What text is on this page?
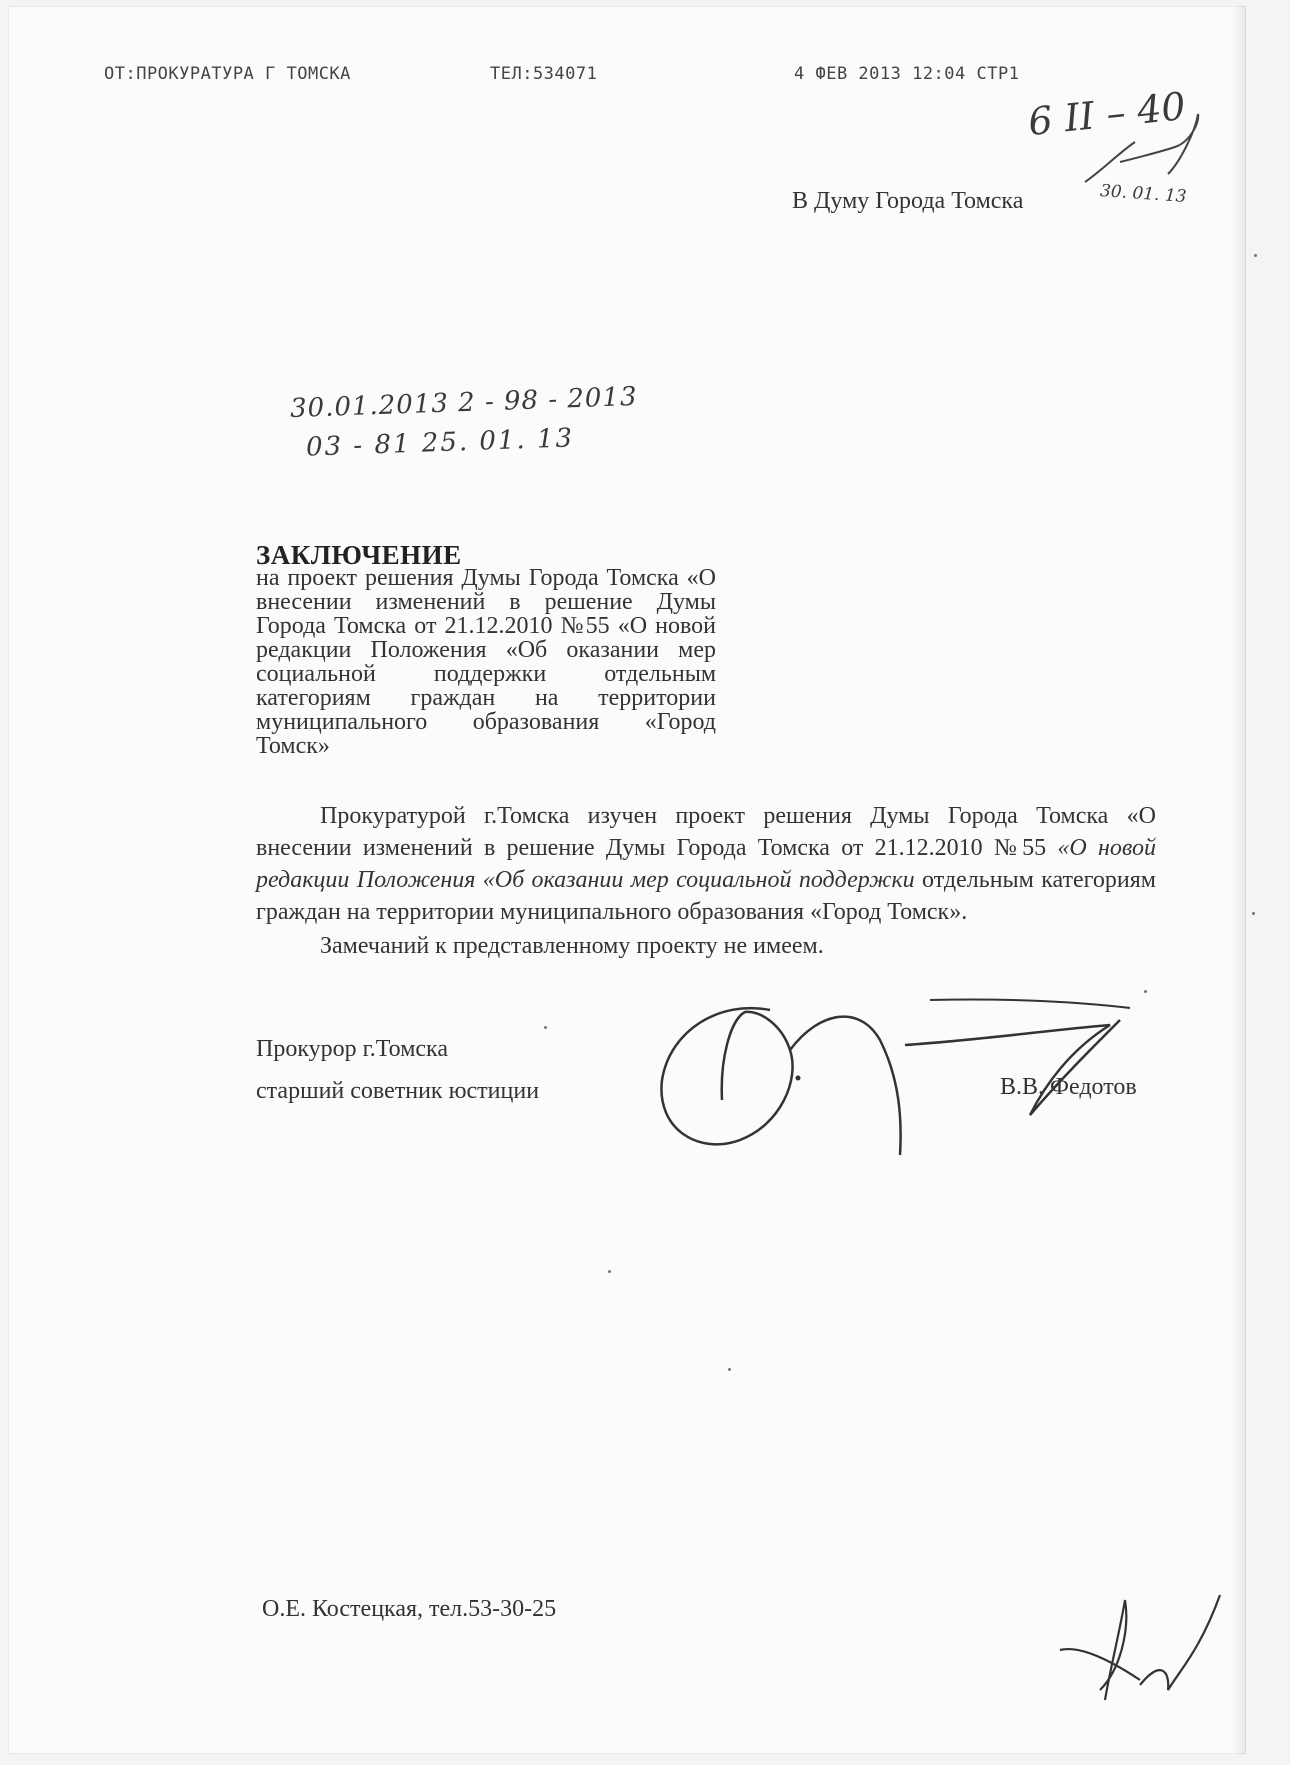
ОТ:ПРОКУРАТУРА Г ТОМСКА	ТЕЛ:534071	4 ФЕВ 2013 12:04 СТР1
6 II – 40
30. 01. 13
В Думу Города Томска
30.01.2013 2 - 98 - 2013
03 - 81 25. 01. 13
ЗАКЛЮЧЕНИЕ
на проект решения Думы Города Томска «О внесении изменений в решение Думы Города Томска от 21.12.2010 №55 «О новой редакции Положения «Об оказании мер социальной поддержки отдельным категориям граждан на территории муниципального образования «Город Томск»

Прокуратурой г.Томска изучен проект решения Думы Города Томска «О внесении изменений в решение Думы Города Томска от 21.12.2010 №55 «О новой редакции Положения «Об оказании мер социальной поддержки отдельным категориям граждан на территории муниципального образования «Город Томск».

Замечаний к представленному проекту не имеем.

Прокурор г.Томска
старший советник юстиции	В.В. Федотов
О.Е. Костецкая, тел.53-30-25
